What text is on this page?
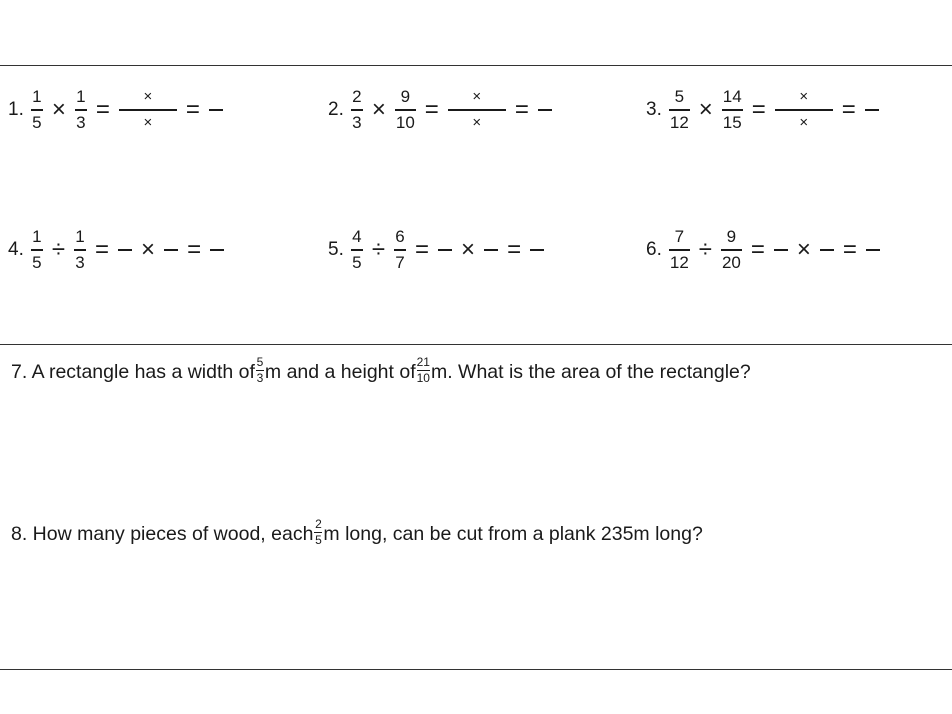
1. $\frac{1}{5} \times \frac{1}{3} = \frac{\times}{\times}$ =	2. $\frac{2}{3} \times \frac{9}{10} = \frac{\times}{\times}$ =	3. $\frac{5}{12} \times \frac{14}{15} = \frac{\times}{\times}$ =
4. $\frac{1}{5} \div \frac{1}{3}$ = × =	5. $\frac{4}{5} \div \frac{6}{7}$ = × =	6. $\frac{7}{12} \div \frac{9}{20}$ = × =
7. A rectangle has a width of 5
3 m and a height of 21
10 m. What is the area of the rectangle?
8. How many pieces of wood, each 2
5 m long, can be cut from a plank 235m long?
